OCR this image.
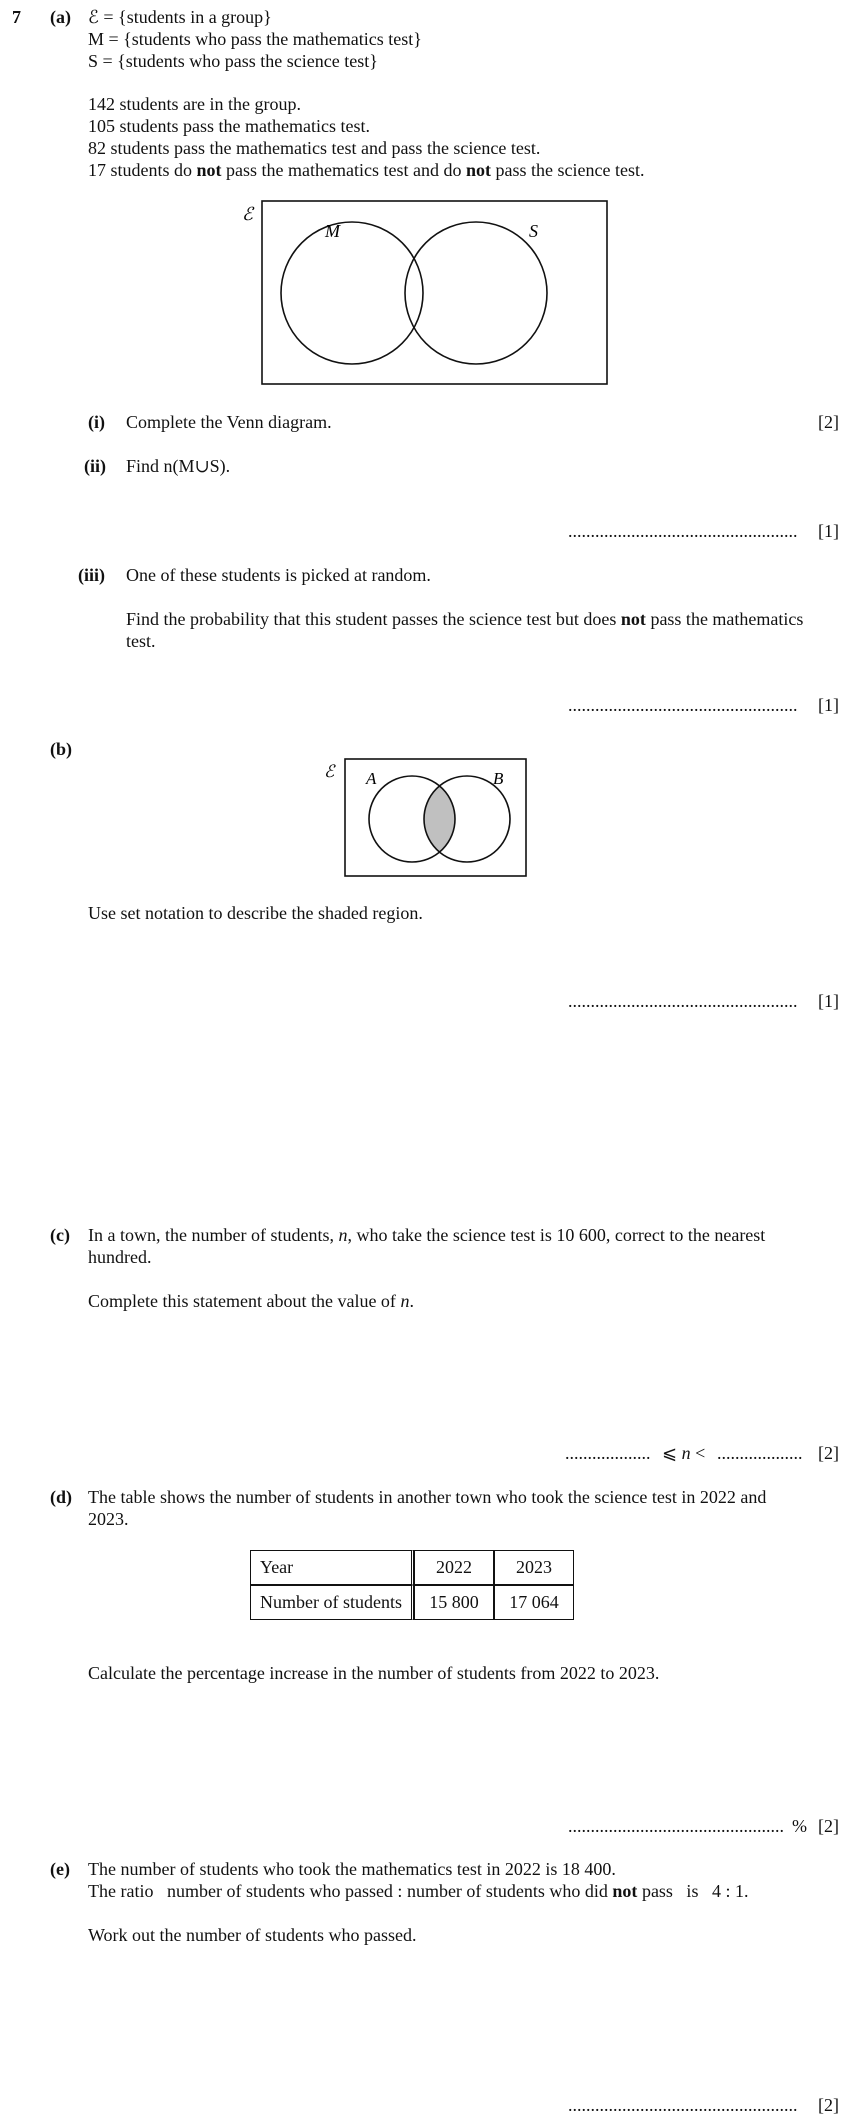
7 (a) ℰ = {students in a group}
M = {students who pass the mathematics test}
S = {students who pass the science test}
142 students are in the group.
105 students pass the mathematics test.
82 students pass the mathematics test and pass the science test.
17 students do not pass the mathematics test and do not pass the science test.
ℰ
M	S
(i) Complete the Venn diagram.	[2]
(ii) Find n(M∪S).
................................................... [1]
(iii) One of these students is picked at random.
Find the probability that this student passes the science test but does not pass the mathematics
test.
................................................... [1]
(b)
ℰ A	B
Use set notation to describe the shaded region.
................................................... [1]
(c) In a town, the number of students, n, who take the science test is 10 600, correct to the nearest
hundred.
Complete this statement about the value of n.
................... ⩽ n < ................... [2]
(d) The table shows the number of students in another town who took the science test in 2022 and
2023.
Year	2022	2023
Number of students	15 800	17 064
Calculate the percentage increase in the number of students from 2022 to 2023.
................................................ % [2]
(e) The number of students who took the mathematics test in 2022 is 18 400.
The ratio   number of students who passed : number of students who did not pass   is   4 : 1.
Work out the number of students who passed.
................................................... [2]
